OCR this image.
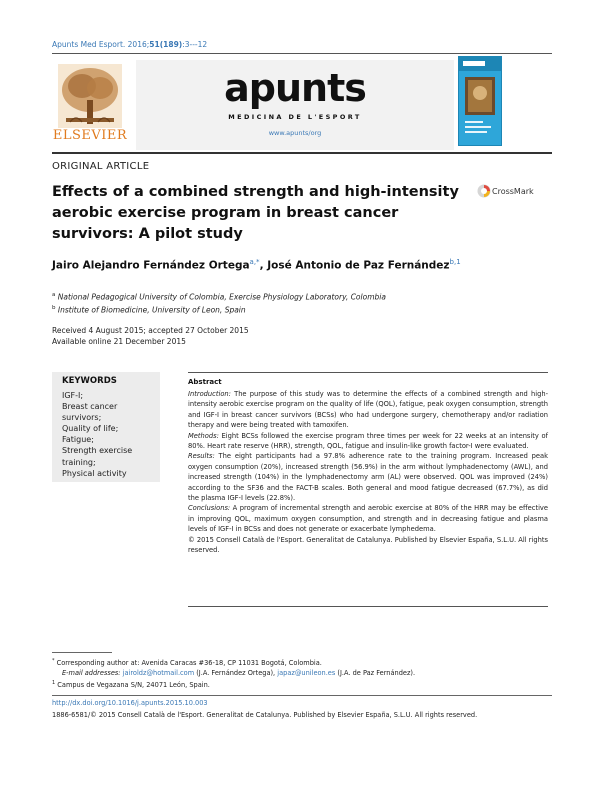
Apunts Med Esport. 2016;51(189):3---12
ELSEVIER
apunts
MEDICINA DE L'ESPORT
www.apunts/org
ORIGINAL ARTICLE
Effects of a combined strength and high-intensity aerobic exercise program in breast cancer survivors: A pilot study
CrossMark
Jairo Alejandro Fernández Ortega$^{a,*}$, José Antonio de Paz Fernández$^{b,1}$
$^a$ National Pedagogical University of Colombia, Exercise Physiology Laboratory, Colombia
$^b$ Institute of Biomedicine, University of Leon, Spain
Received 4 August 2015; accepted 27 October 2015
Available online 21 December 2015
KEYWORDS
IGF-I;
Breast cancer
survivors;
Quality of life;
Fatigue;
Strength exercise
training;
Physical activity
Abstract

Introduction: The purpose of this study was to determine the effects of a combined strength and high-intensity aerobic exercise program on the quality of life (QOL), fatigue, peak oxygen consumption, strength and IGF-I in breast cancer survivors (BCSs) who had undergone surgery, chemotherapy and/or radiation therapy and were being treated with tamoxifen.

Methods: Eight BCSs followed the exercise program three times per week for 22 weeks at an intensity of 80%. Heart rate reserve (HRR), strength, QOL, fatigue and insulin-like growth factor-I were evaluated.

Results: The eight participants had a 97.8% adherence rate to the training program. Increased peak oxygen consumption (20%), increased strength (56.9%) in the arm without lymphadenectomy (AWL), and increased strength (104%) in the lymphadenectomy arm (AL) were observed. QOL was improved (24%) according to the SF36 and the FACT-B scales. Both general and mood fatigue decreased (67.7%), as did the plasma IGF-I levels (22.8%).

Conclusions: A program of incremental strength and aerobic exercise at 80% of the HRR may be effective in improving QOL, maximum oxygen consumption, and strength and in decreasing fatigue and plasma levels of IGF-I in BCSs and does not generate or exacerbate lymphedema.

© 2015 Consell Català de l'Esport. Generalitat de Catalunya. Published by Elsevier España, S.L.U. All rights reserved.

* Corresponding author at: Avenida Caracas #36-18, CP 11031 Bogotá, Colombia.
E-mail addresses: jairoldz@hotmail.com (J.A. Fernández Ortega), japaz@unileon.es (J.A. de Paz Fernández).
$^1$ Campus de Vegazana S/N, 24071 León, Spain.
http://dx.doi.org/10.1016/j.apunts.2015.10.003
1886-6581/© 2015 Consell Català de l'Esport. Generalitat de Catalunya. Published by Elsevier España, S.L.U. All rights reserved.
